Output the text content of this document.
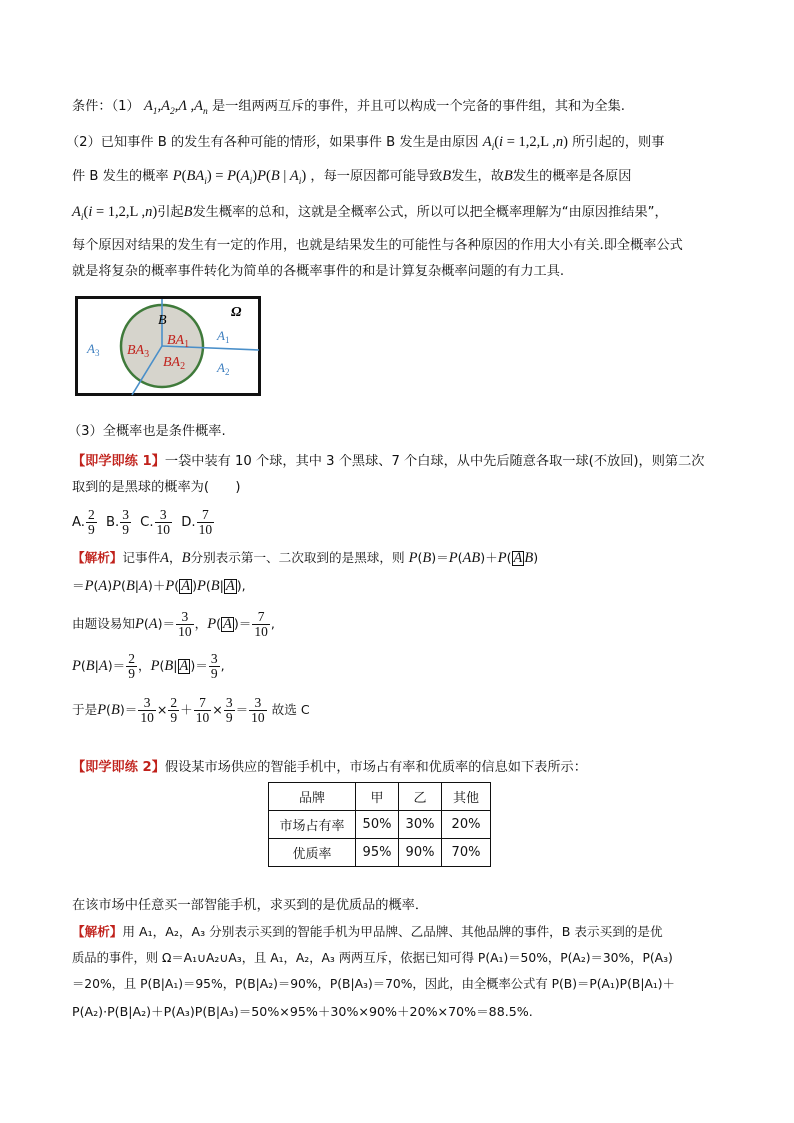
条件：（1） $A_1,A_2,\Lambda$ $,A_n$ 是一组两两互斥的事件，并且可以构成一个完备的事件组，其和为全集.
（2）已知事件 B 的发生有各种可能的情形，如果事件 B 发生是由原因 $A_i(i = 1,2,L$ ,n) 所引起的，则事
件 B 发生的概率 $P(BA_i) = P(A_i)P(B$ | $A_i$) ，每一原因都可能导致B发生，故B发生的概率是各原因
$A_i(i = 1,2,L$ ,n)引起B发生概率的总和，这就是全概率公式，所以可以把全概率理解为“由原因推结果”，
每个原因对结果的发生有一定的作用，也就是结果发生的可能性与各种原因的作用大小有关.即全概率公式
就是将复杂的概率事件转化为简单的各概率事件的和是计算复杂概率问题的有力工具.
Ω
B
$BA_1$
$BA_2$
$BA_3$
$A_1$
$A_2$
$A_3$
（3）全概率也是条件概率.
【即学即练 1】一袋中装有 10 个球，其中 3 个黑球、7 个白球，从中先后随意各取一球(不放回)，则第二次
取到的是黑球的概率为(　　)
A. $\frac{2}{9} B$. $\frac{3}{9} C$. $\frac{3}{10} D$. $\frac{7}{10}$
【解析】记事件A，B分别表示第一、二次取到的是黑球，则 P(B)＝P(AB)＋P( A B)
＝P(A)P(B|A)＋P( A )P(B| A ),
由题设易知$P(A)= \frac{3}{10}$ ，P( A )＝ $\frac{7}{10}$ ,
$P(B|A)= \frac{2}{9}$ ，P(B| A )＝ $\frac{3}{9}$ ,
于是$P(B)= \frac{3}{10} \times \frac{2}{9} + \frac{7}{10} \times \frac{3}{9} = \frac{3}{10}$ 故选 C
【即学即练 2】假设某市场供应的智能手机中，市场占有率和优质率的信息如下表所示：
品牌	甲	乙	其他
市场占有率	50%	30%	20%
优质率	95%	90%	70%
在该市场中任意买一部智能手机，求买到的是优质品的概率．
【解析】用 A₁，A₂，A₃ 分别表示买到的智能手机为甲品牌、乙品牌、其他品牌的事件，B 表示买到的是优
质品的事件，则 Ω＝A₁∪A₂∪A₃，且 A₁，A₂，A₃ 两两互斥，依据已知可得 P(A₁)＝50%，P(A₂)＝30%，P(A₃)
＝20%，且 P(B|A₁)＝95%，P(B|A₂)＝90%，P(B|A₃)＝70%，因此，由全概率公式有 P(B)＝P(A₁)P(B|A₁)＋
P(A₂)·P(B|A₂)＋P(A₃)P(B|A₃)＝50%×95%＋30%×90%＋20%×70%＝88.5%.
